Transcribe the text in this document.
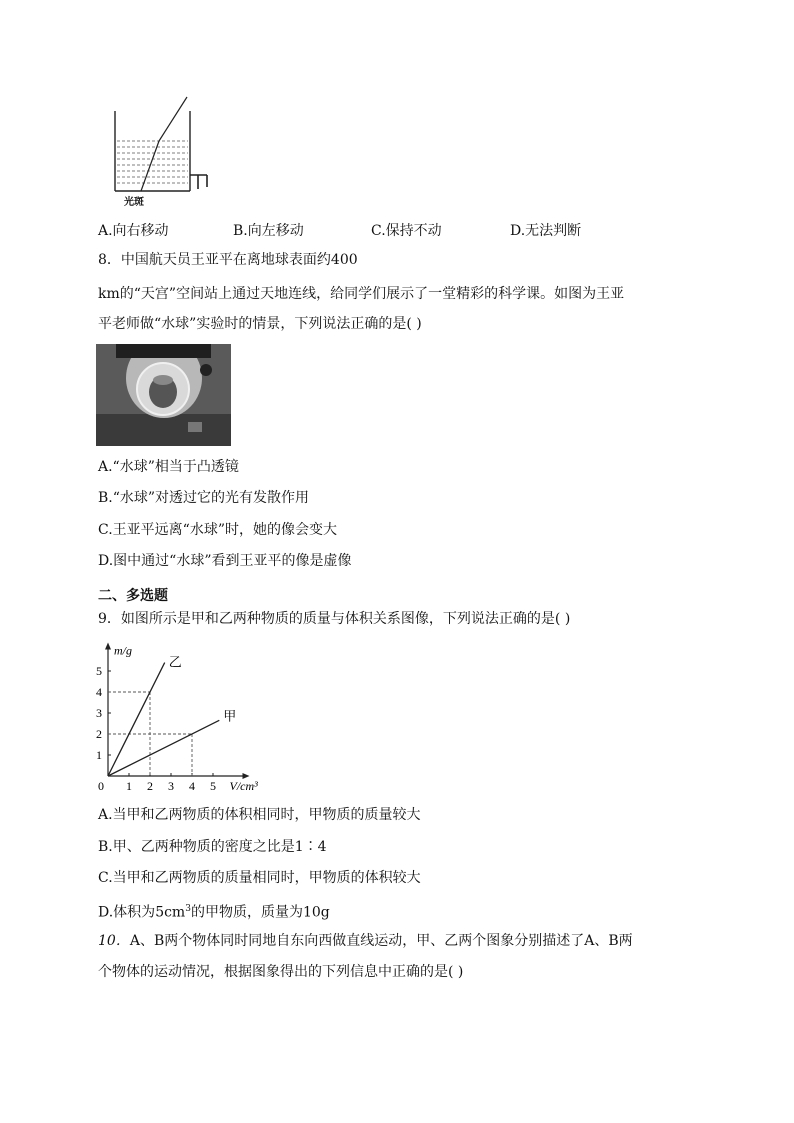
光斑
A.向右移动	B.向左移动	C.保持不动	D.无法判断
8．中国航天员王亚平在离地球表面约400
km的“天宫”空间站上通过天地连线，给同学们展示了一堂精彩的科学课。如图为王亚
平老师做“水球”实验时的情景，下列说法正确的是( )
A.“水球”相当于凸透镜
B.“水球”对透过它的光有发散作用
C.王亚平远离“水球”时，她的像会变大
D.图中通过“水球”看到王亚平的像是虚像
二、多选题
9．如图所示是甲和乙两种物质的质量与体积关系图像，下列说法正确的是( )
1 2 3 4 5
1
2
3
4
5
0
m/g
V/cm³
乙
甲
A.当甲和乙两物质的体积相同时，甲物质的质量较大
B.甲、乙两种物质的密度之比是1∶4
C.当甲和乙两物质的质量相同时，甲物质的体积较大
D.体积为$5cm^3$的甲物质，质量为10g
10．A、B两个物体同时同地自东向西做直线运动，甲、乙两个图象分别描述了A、B两
个物体的运动情况，根据图象得出的下列信息中正确的是( )
